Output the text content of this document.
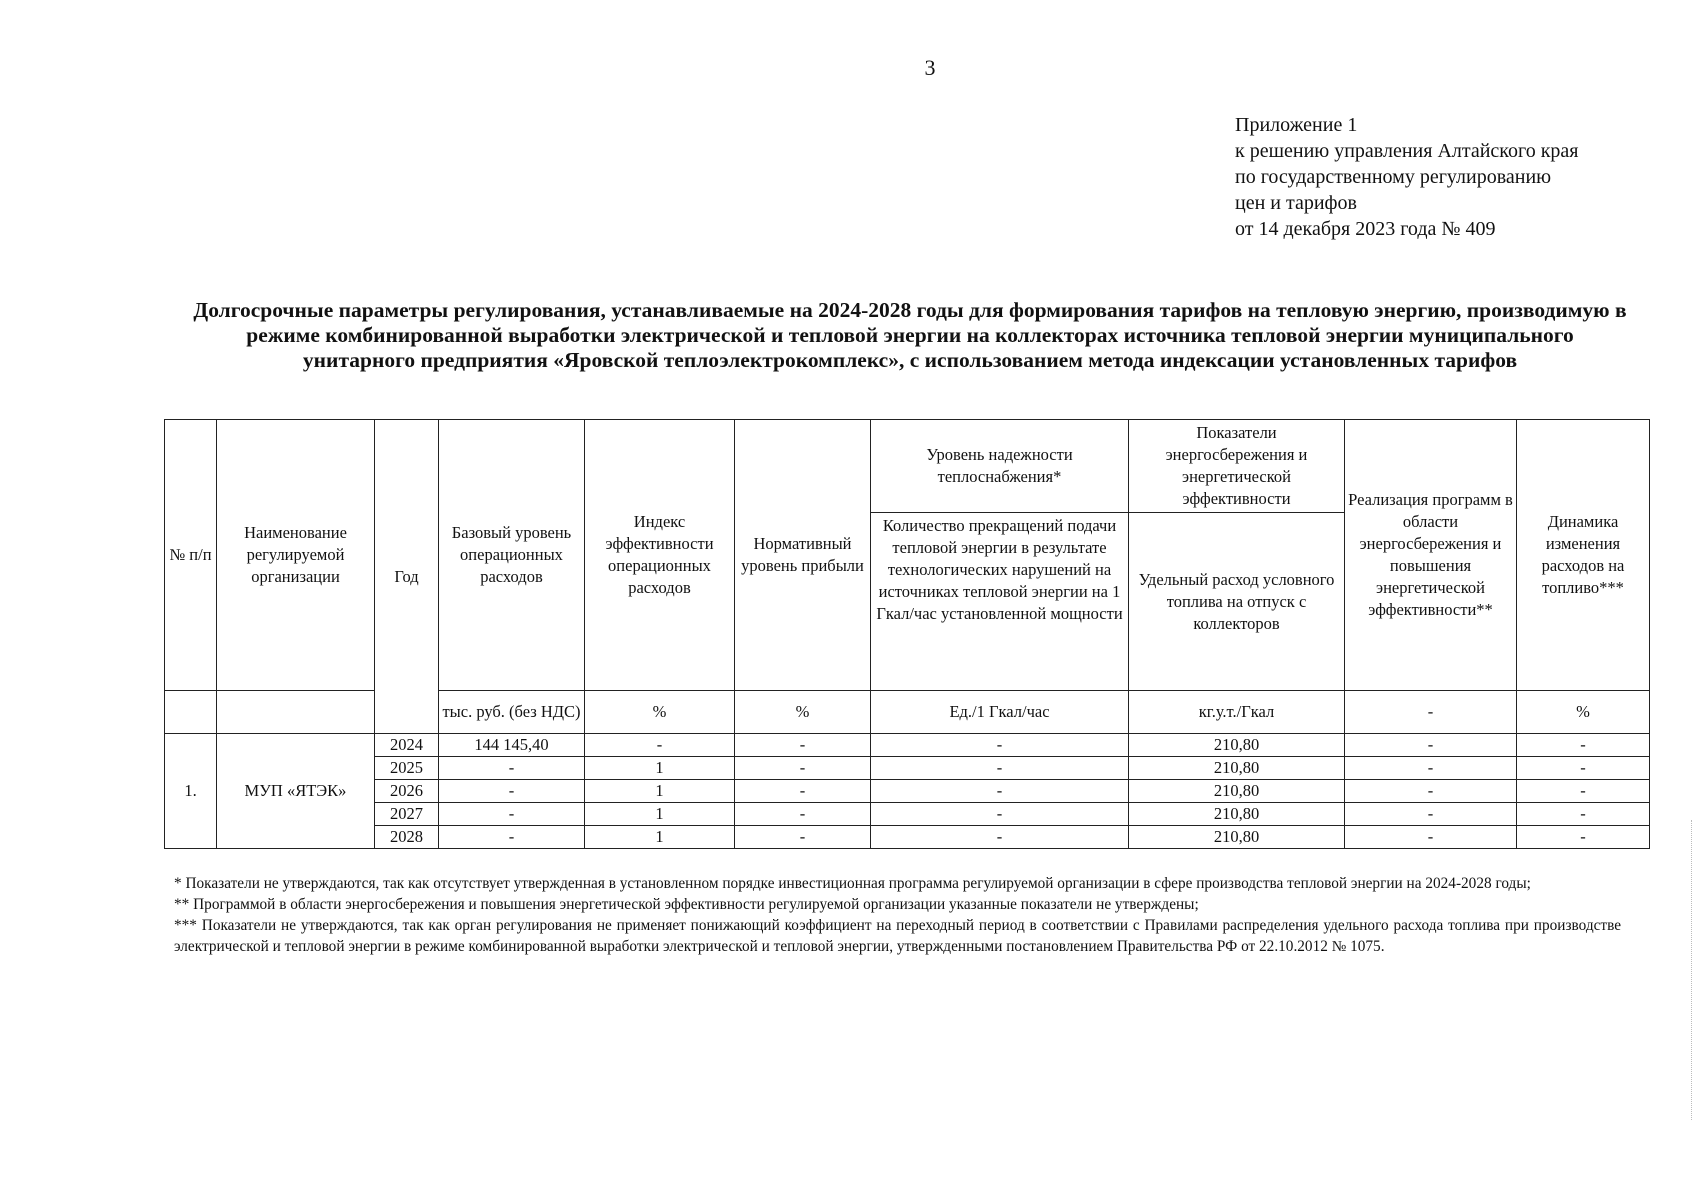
3
Приложение 1
к решению управления Алтайского края
по государственному регулированию
цен и тарифов
от 14 декабря 2023 года № 409
Долгосрочные параметры регулирования, устанавливаемые на 2024-2028 годы для формирования тарифов на тепловую энергию, производимую в режиме комбинированной выработки электрической и тепловой энергии на коллекторах источника тепловой энергии муниципального унитарного предприятия «Яровской теплоэлектрокомплекс», с использованием метода индексации установленных тарифов
№ п/п	Наименование регулируемой организации	Год	Базовый уровень операционных расходов	Индекс эффективности операционных расходов	Нормативный уровень прибыли	Уровень надежности теплоснабжения*	Показатели энергосбережения и энергетической эффективности	Реализация программ в области энергосбережения и повышения энергетической эффективности**	Динамика изменения расходов на топливо***
						Количество прекращений подачи тепловой энергии в результате технологических нарушений на источниках тепловой энергии на 1 Гкал/час установленной мощности	Удельный расход условного топлива на отпуск с коллекторов		
			тыс. руб. (без НДС)	%	%	Ед./1 Гкал/час	кг.у.т./Гкал	-	%
1.	МУП «ЯТЭК»	2024	144 145,40	-	-	-	210,80	-	-
		2025	-	1	-	-	210,80	-	-
		2026	-	1	-	-	210,80	-	-
		2027	-	1	-	-	210,80	-	-
		2028	-	1	-	-	210,80	-	-

* Показатели не утверждаются, так как отсутствует утвержденная в установленном порядке инвестиционная программа регулируемой организации в сфере производства тепловой энергии на 2024-2028 годы;

** Программой в области энергосбережения и повышения энергетической эффективности регулируемой организации указанные показатели не утверждены;

*** Показатели не утверждаются, так как орган регулирования не применяет понижающий коэффициент на переходный период в соответствии с Правилами распределения удельного расхода топлива при производстве электрической и тепловой энергии в режиме комбинированной выработки электрической и тепловой энергии, утвержденными постановлением Правительства РФ от 22.10.2012 № 1075.
